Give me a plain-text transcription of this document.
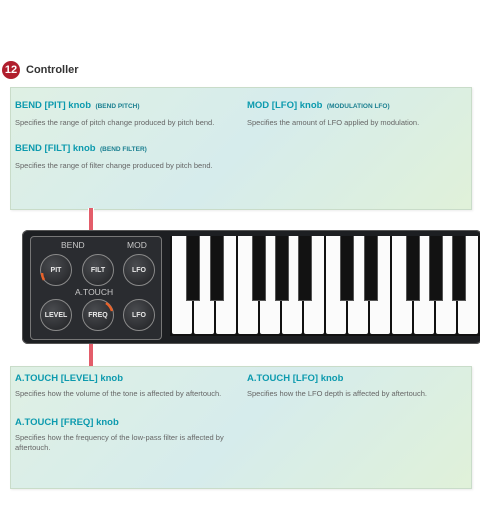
12 Controller
BEND [PIT] knob (BEND PITCH)
Specifies the range of pitch change produced by pitch bend.
BEND [FILT] knob (BEND FILTER)
Specifies the range of filter change produced by pitch bend.
MOD [LFO] knob (MODULATION LFO)
Specifies the amount of LFO applied by modulation.
BEND	MOD
A.TOUCH
PIT	FILT	LFO
LEVEL	FREQ	LFO
A.TOUCH [LEVEL] knob
Specifies how the volume of the tone is affected by aftertouch.
A.TOUCH [FREQ] knob
Specifies how the frequency of the low-pass filter is affected by aftertouch.
A.TOUCH [LFO] knob
Specifies how the LFO depth is affected by aftertouch.
